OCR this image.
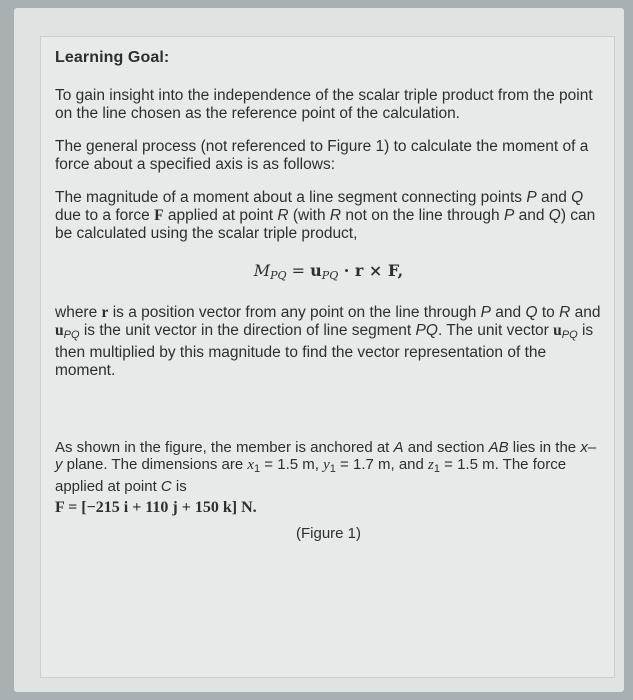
Learning Goal:

To gain insight into the independence of the scalar triple product from the point on the line chosen as the reference point of the calculation.

The general process (not referenced to Figure 1) to calculate the moment of a force about a specified axis is as follows:

The magnitude of a moment about a line segment connecting points P and Q due to a force F applied at point R (with R not on the line through P and Q) can be calculated using the scalar triple product,

$M_{PQ} = u_{PQ} \cdot r \times F$,

where r is a position vector from any point on the line through P and Q to R and $u_{PQ}$ is the unit vector in the direction of line segment PQ. The unit vector $u_{PQ}$ is then multiplied by this magnitude to find the vector representation of the moment.

As shown in the figure, the member is anchored at A and section AB lies in the x–y plane. The dimensions are $x_1 = 1.5$ m, $y_1 = 1.7$ m, and $z_1 = 1.5$ m. The force applied at point C is

F = [−215 i + 110 j + 150 k] N.

(Figure 1)
